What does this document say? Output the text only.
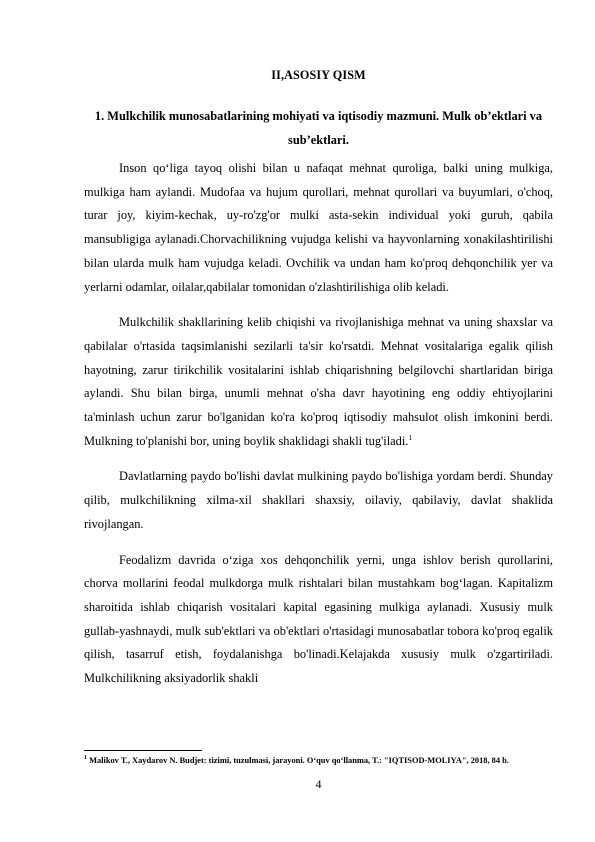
II,ASOSIY QISM
1. Mulkchilik munosabatlarining mohiyati va iqtisodiy mazmuni. Mulk ob’ektlari va sub’ektlari.

Inson qo‘liga tayoq olishi bilan u nafaqat mehnat quroliga, balki uning mulkiga, mulkiga ham aylandi. Mudofaa va hujum qurollari, mehnat qurollari va buyumlari, o'choq, turar joy, kiyim-kechak, uy-ro'zg'or mulki asta-sekin individual yoki guruh, qabila mansubligiga aylanadi.Chorvachilikning vujudga kelishi va hayvonlarning xonakilashtirilishi bilan ularda mulk ham vujudga keladi. Ovchilik va undan ham ko'proq dehqonchilik yer va yerlarni odamlar, oilalar,qabilalar tomonidan o'zlashtirilishiga olib keladi.

Mulkchilik shakllarining kelib chiqishi va rivojlanishiga mehnat va uning shaxslar va qabilalar o'rtasida taqsimlanishi sezilarli ta'sir ko'rsatdi. Mehnat vositalariga egalik qilish hayotning, zarur tirikchilik vositalarini ishlab chiqarishning belgilovchi shartlaridan biriga aylandi. Shu bilan birga, unumli mehnat o'sha davr hayotining eng oddiy ehtiyojlarini ta'minlash uchun zarur bo'lganidan ko'ra ko'proq iqtisodiy mahsulot olish imkonini berdi. Mulkning to'planishi bor, uning boylik shaklidagi shakli tug'iladi.$^1$

Davlatlarning paydo bo'lishi davlat mulkining paydo bo'lishiga yordam berdi. Shunday qilib, mulkchilikning xilma-xil shakllari shaxsiy, oilaviy, qabilaviy, davlat shaklida rivojlangan.

Feodalizm davrida o‘ziga xos dehqonchilik yerni, unga ishlov berish qurollarini, chorva mollarini feodal mulkdorga mulk rishtalari bilan mustahkam bog‘lagan. Kapitalizm sharoitida ishlab chiqarish vositalari kapital egasining mulkiga aylanadi. Xususiy mulk gullab-yashnaydi, mulk sub'ektlari va ob'ektlari o'rtasidagi munosabatlar tobora ko'proq egalik qilish, tasarruf etish, foydalanishga bo'linadi.Kelajakda xususiy mulk o'zgartiriladi. Mulkchilikning aksiyadorlik shakli

$^1$ Malikov T., Xaydarov N. Budjet: tizimi, tuzulmasi, jarayoni. O‘quv qo‘llanma, T.: "IQTISOD-MOLIYA", 2018, 84 b.
4
